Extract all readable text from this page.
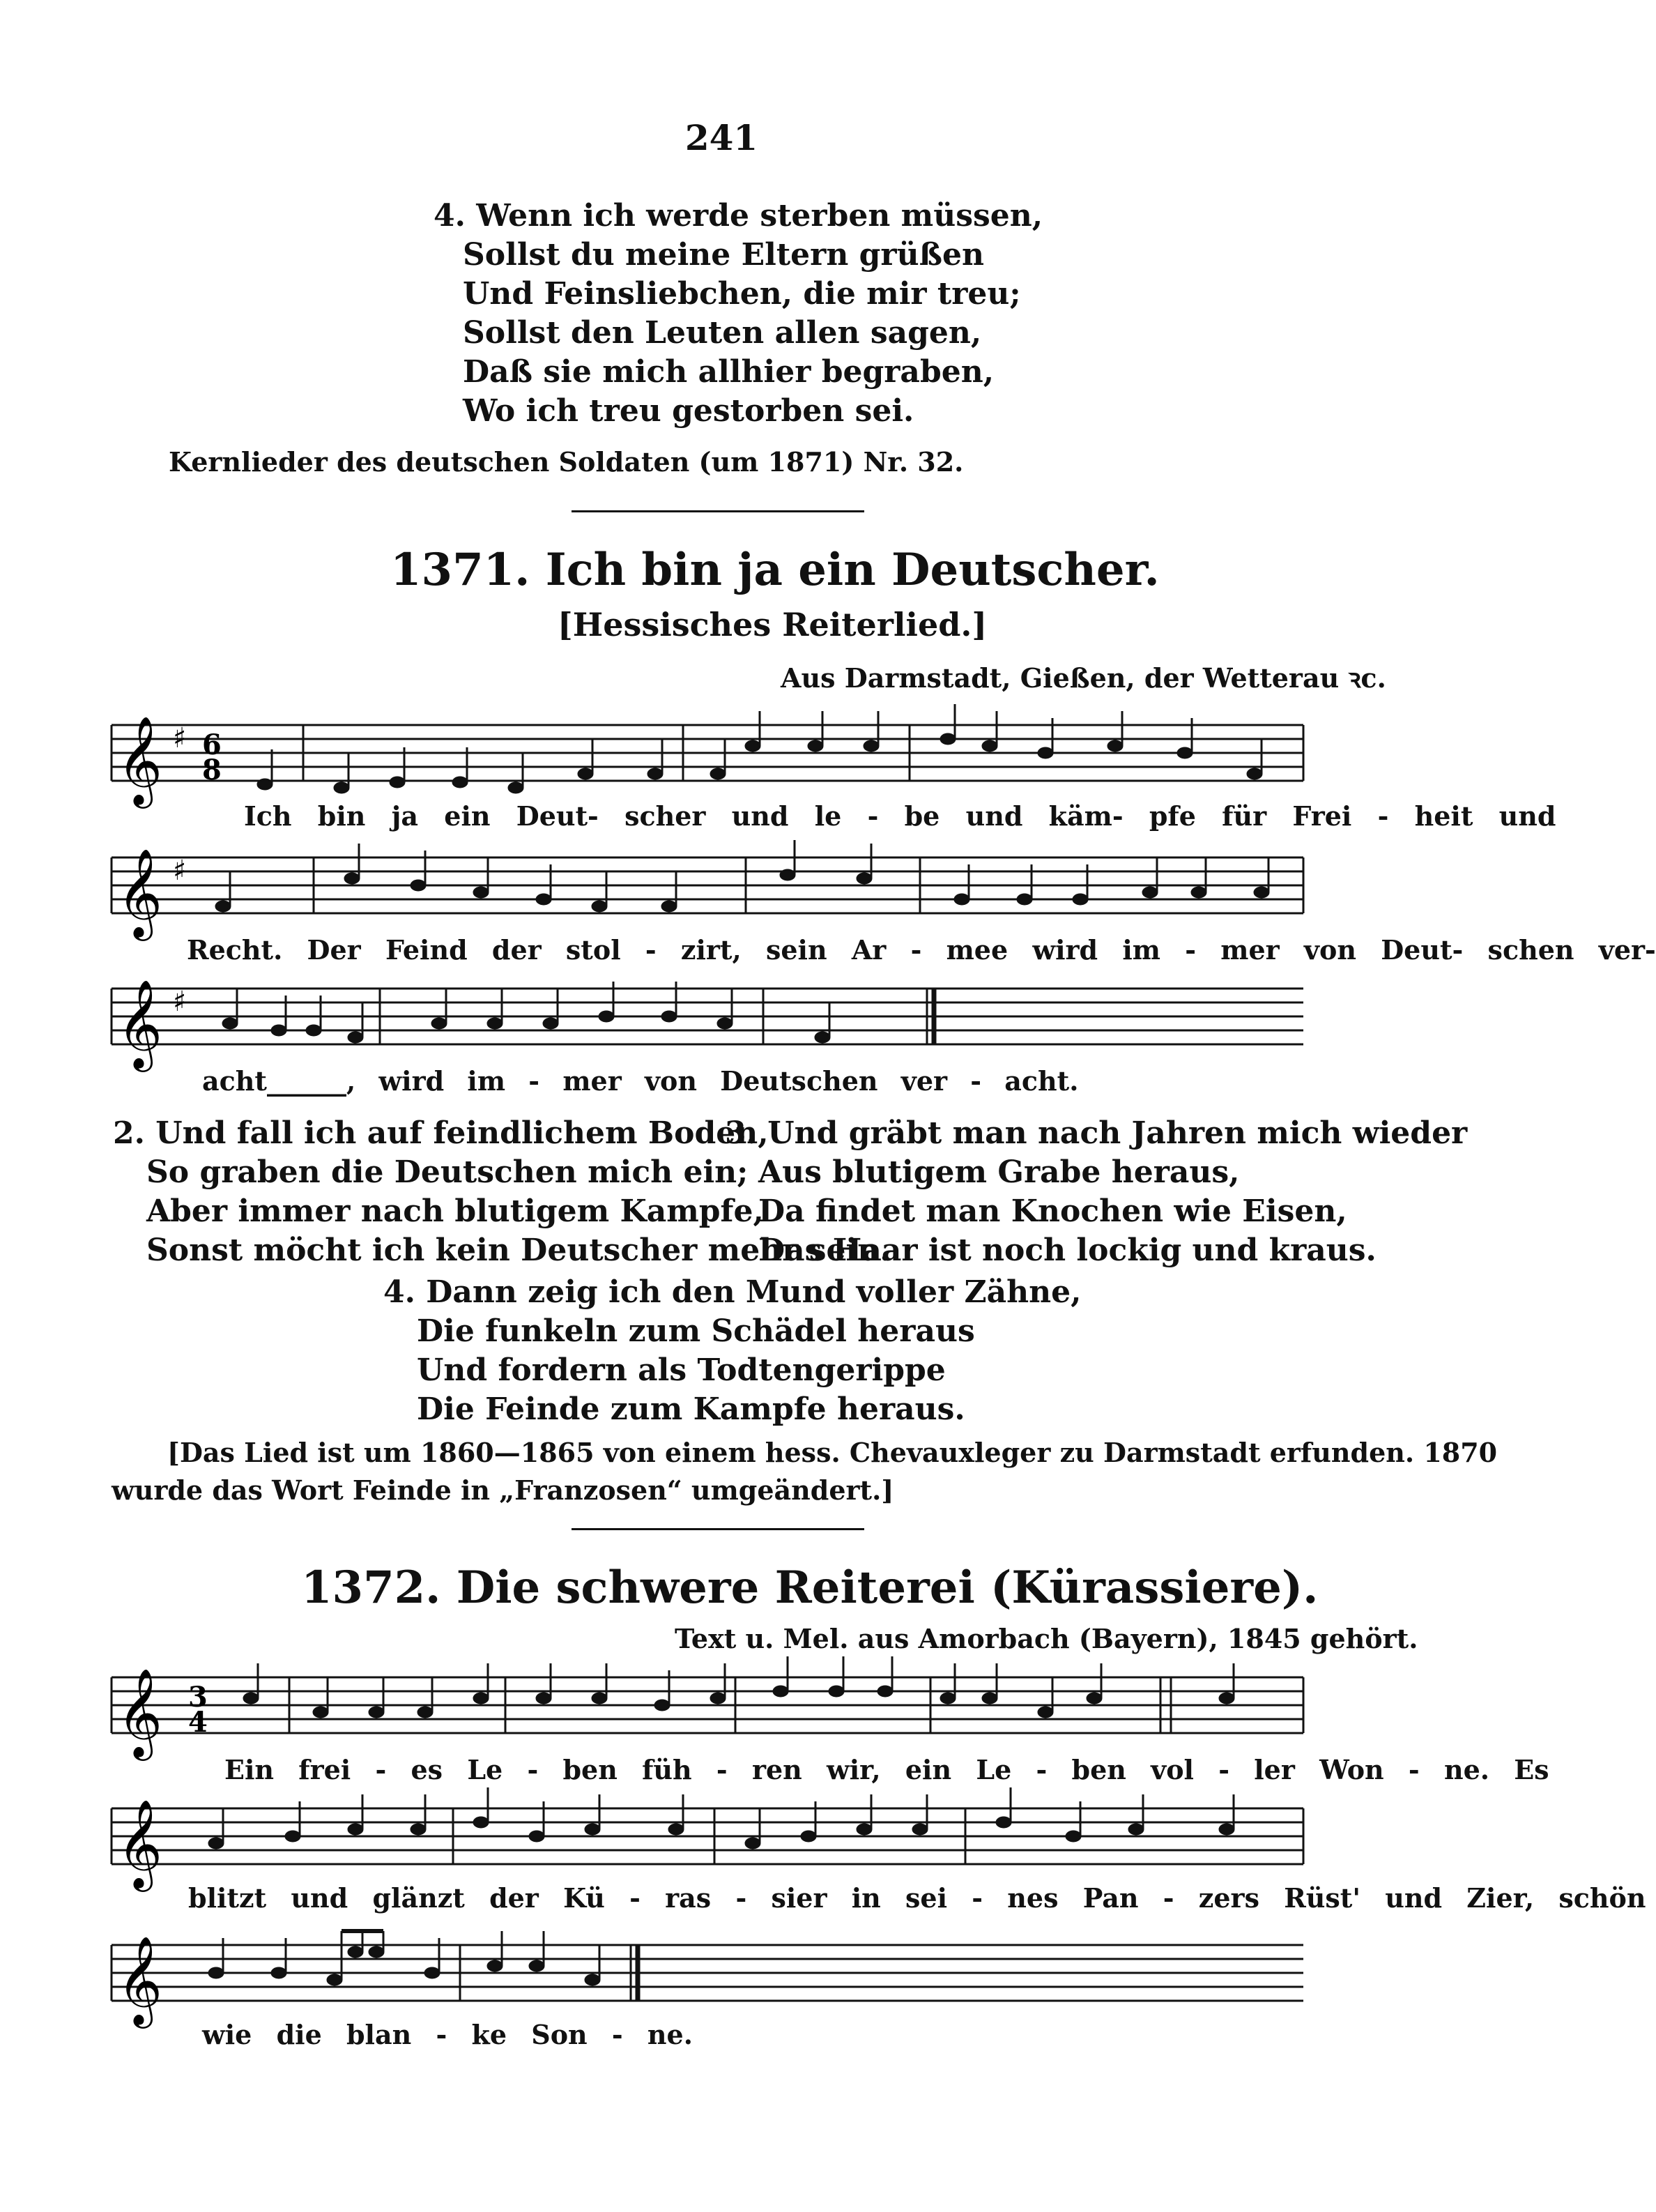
241
4. Wenn ich werde sterben müssen,
Sollst du meine Eltern grüßen
Und Feinsliebchen, die mir treu;
Sollst den Leuten allen sagen,
Daß sie mich allhier begraben,
Wo ich treu gestorben sei.
Kernlieder des deutschen Soldaten (um 1871) Nr. 32.
1371. Ich bin ja ein Deutscher.
[Hessisches Reiterlied.]
Aus Darmstadt, Gießen, der Wetterau ꝛc.
𝄞 ♯ 6
8
Ich bin ja ein Deut- scher und le - be und käm- pfe für Frei - heit und
𝄞 ♯
Recht. Der Feind der stol - zirt, sein Ar - mee wird im - mer von Deut- schen ver-
𝄞 ♯
acht______, wird im - mer von Deutschen ver - acht.
2. Und fall ich auf feindlichem Boden,
So graben die Deutschen mich ein;
Aber immer nach blutigem Kampfe,
Sonst möcht ich kein Deutscher mehr sein.
3. Und gräbt man nach Jahren mich wieder
Aus blutigem Grabe heraus,
Da findet man Knochen wie Eisen,
Das Haar ist noch lockig und kraus.
4. Dann zeig ich den Mund voller Zähne,
Die funkeln zum Schädel heraus
Und fordern als Todtengerippe
Die Feinde zum Kampfe heraus.
[Das Lied ist um 1860—1865 von einem hess. Chevauxleger zu Darmstadt erfunden. 1870
wurde das Wort Feinde in „Franzosen“ umgeändert.]
1372. Die schwere Reiterei (Kürassiere).
Text u. Mel. aus Amorbach (Bayern), 1845 gehört.
𝄞 3
4
Ein frei - es Le - ben füh - ren wir, ein Le - ben vol - ler Won - ne. Es
𝄞
blitzt und glänzt der Kü - ras - sier in sei - nes Pan - zers Rüst' und Zier, schön
𝄞
wie die blan - ke Son - ne.
